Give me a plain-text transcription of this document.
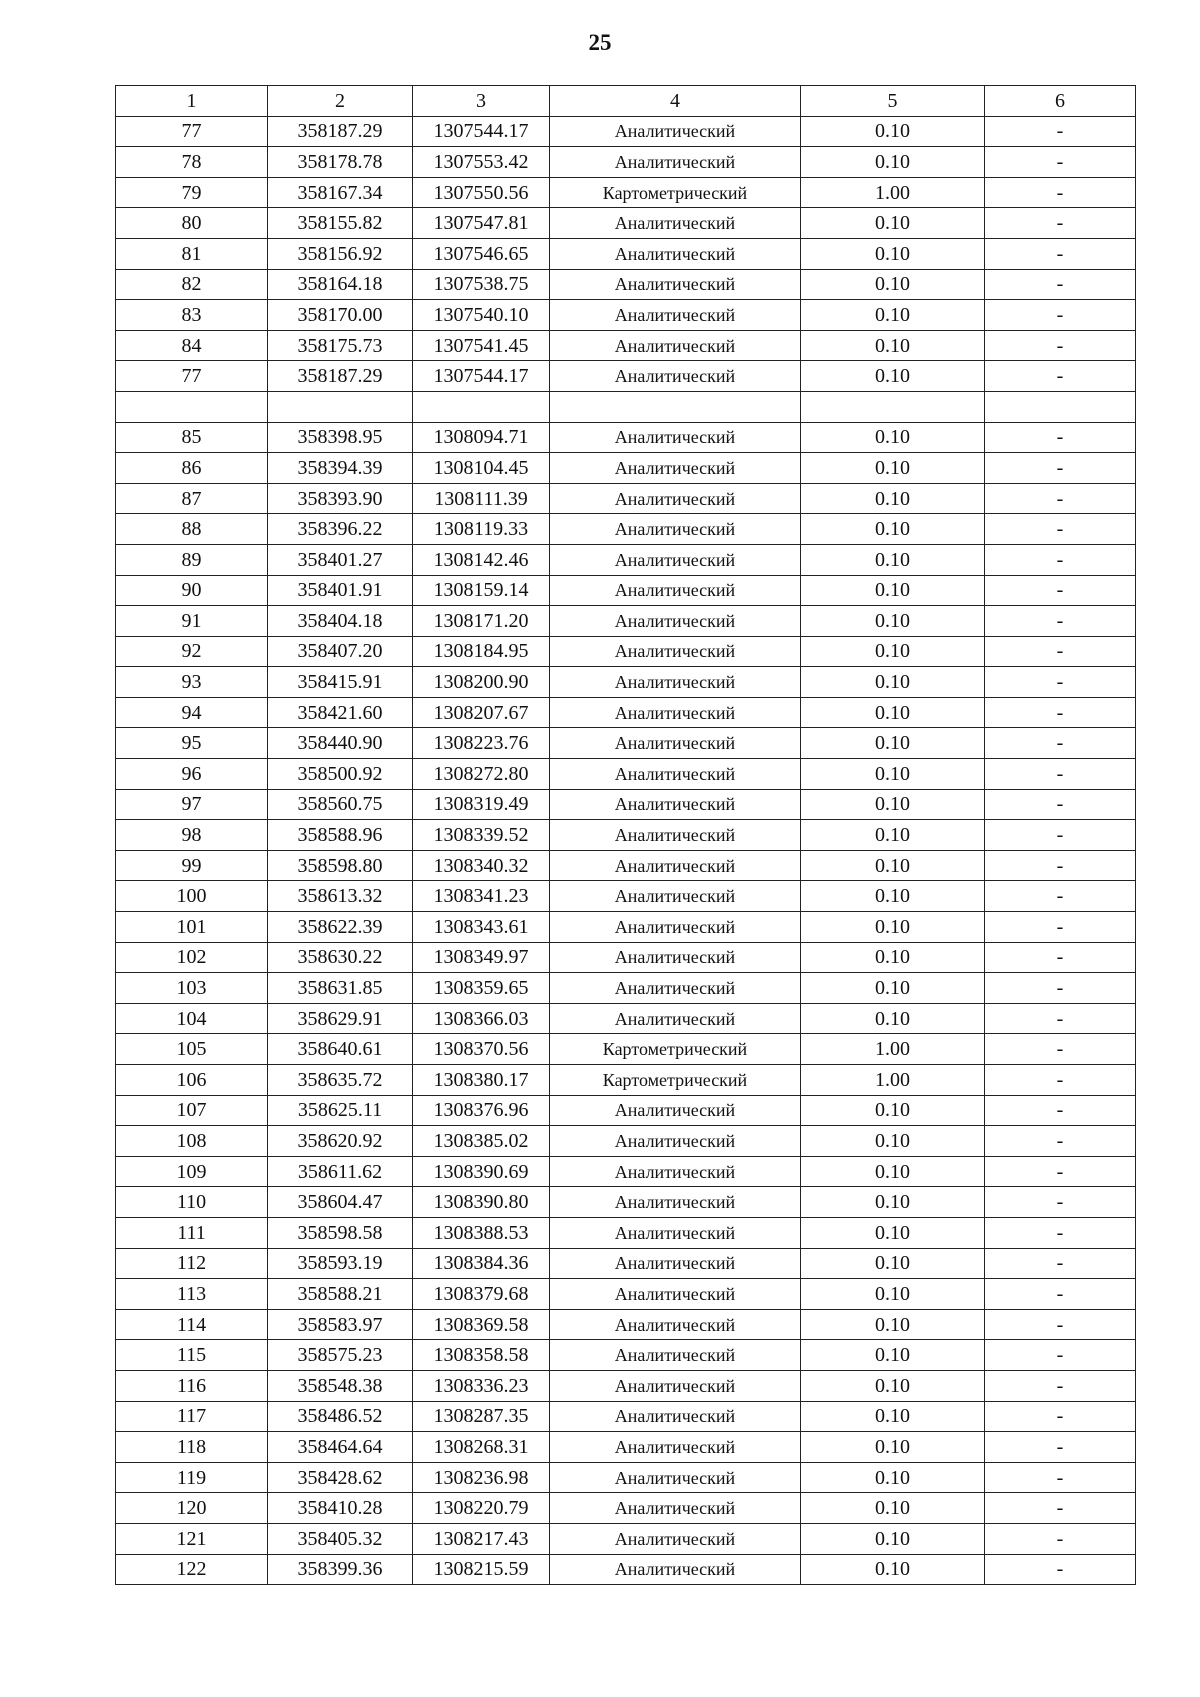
25
1	2	3	4	5	6
77	358187.29	1307544.17	Аналитический	0.10	-
78	358178.78	1307553.42	Аналитический	0.10	-
79	358167.34	1307550.56	Картометрический	1.00	-
80	358155.82	1307547.81	Аналитический	0.10	-
81	358156.92	1307546.65	Аналитический	0.10	-
82	358164.18	1307538.75	Аналитический	0.10	-
83	358170.00	1307540.10	Аналитический	0.10	-
84	358175.73	1307541.45	Аналитический	0.10	-
77	358187.29	1307544.17	Аналитический	0.10	-

85	358398.95	1308094.71	Аналитический	0.10	-
86	358394.39	1308104.45	Аналитический	0.10	-
87	358393.90	1308111.39	Аналитический	0.10	-
88	358396.22	1308119.33	Аналитический	0.10	-
89	358401.27	1308142.46	Аналитический	0.10	-
90	358401.91	1308159.14	Аналитический	0.10	-
91	358404.18	1308171.20	Аналитический	0.10	-
92	358407.20	1308184.95	Аналитический	0.10	-
93	358415.91	1308200.90	Аналитический	0.10	-
94	358421.60	1308207.67	Аналитический	0.10	-
95	358440.90	1308223.76	Аналитический	0.10	-
96	358500.92	1308272.80	Аналитический	0.10	-
97	358560.75	1308319.49	Аналитический	0.10	-
98	358588.96	1308339.52	Аналитический	0.10	-
99	358598.80	1308340.32	Аналитический	0.10	-
100	358613.32	1308341.23	Аналитический	0.10	-
101	358622.39	1308343.61	Аналитический	0.10	-
102	358630.22	1308349.97	Аналитический	0.10	-
103	358631.85	1308359.65	Аналитический	0.10	-
104	358629.91	1308366.03	Аналитический	0.10	-
105	358640.61	1308370.56	Картометрический	1.00	-
106	358635.72	1308380.17	Картометрический	1.00	-
107	358625.11	1308376.96	Аналитический	0.10	-
108	358620.92	1308385.02	Аналитический	0.10	-
109	358611.62	1308390.69	Аналитический	0.10	-
110	358604.47	1308390.80	Аналитический	0.10	-
111	358598.58	1308388.53	Аналитический	0.10	-
112	358593.19	1308384.36	Аналитический	0.10	-
113	358588.21	1308379.68	Аналитический	0.10	-
114	358583.97	1308369.58	Аналитический	0.10	-
115	358575.23	1308358.58	Аналитический	0.10	-
116	358548.38	1308336.23	Аналитический	0.10	-
117	358486.52	1308287.35	Аналитический	0.10	-
118	358464.64	1308268.31	Аналитический	0.10	-
119	358428.62	1308236.98	Аналитический	0.10	-
120	358410.28	1308220.79	Аналитический	0.10	-
121	358405.32	1308217.43	Аналитический	0.10	-
122	358399.36	1308215.59	Аналитический	0.10	-
